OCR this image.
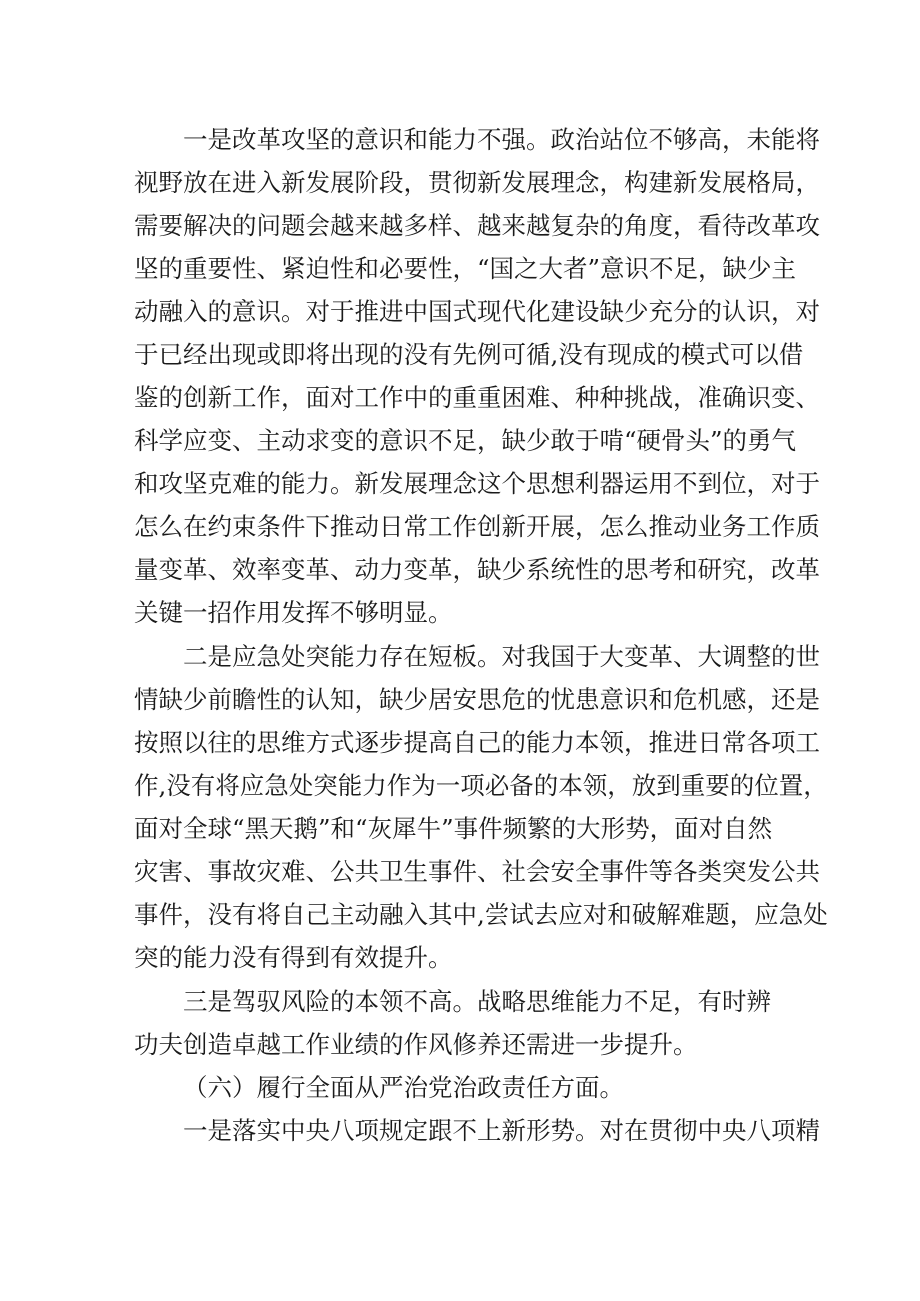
一是改革攻坚的意识和能力不强。政治站位不够高，未能将
视野放在进入新发展阶段，贯彻新发展理念，构建新发展格局，
需要解决的问题会越来越多样、越来越复杂的角度，看待改革攻
坚的重要性、紧迫性和必要性，“国之大者”意识不足，缺少主
动融入的意识。对于推进中国式现代化建设缺少充分的认识，对
于已经出现或即将出现的没有先例可循,没有现成的模式可以借
鉴的创新工作，面对工作中的重重困难、种种挑战，准确识变、
科学应变、主动求变的意识不足，缺少敢于啃“硬骨头”的勇气
和攻坚克难的能力。新发展理念这个思想利器运用不到位，对于
怎么在约束条件下推动日常工作创新开展，怎么推动业务工作质
量变革、效率变革、动力变革，缺少系统性的思考和研究，改革
关键一招作用发挥不够明显。
二是应急处突能力存在短板。对我国于大变革、大调整的世
情缺少前瞻性的认知，缺少居安思危的忧患意识和危机感，还是
按照以往的思维方式逐步提高自己的能力本领，推进日常各项工
作,没有将应急处突能力作为一项必备的本领，放到重要的位置，
面对全球“黑天鹅”和“灰犀牛”事件频繁的大形势，面对自然
灾害、事故灾难、公共卫生事件、社会安全事件等各类突发公共
事件，没有将自己主动融入其中,尝试去应对和破解难题，应急处
突的能力没有得到有效提升。
三是驾驭风险的本领不高。战略思维能力不足，有时辨
功夫创造卓越工作业绩的作风修养还需进一步提升。
（六）履行全面从严治党治政责任方面。
一是落实中央八项规定跟不上新形势。对在贯彻中央八项精
